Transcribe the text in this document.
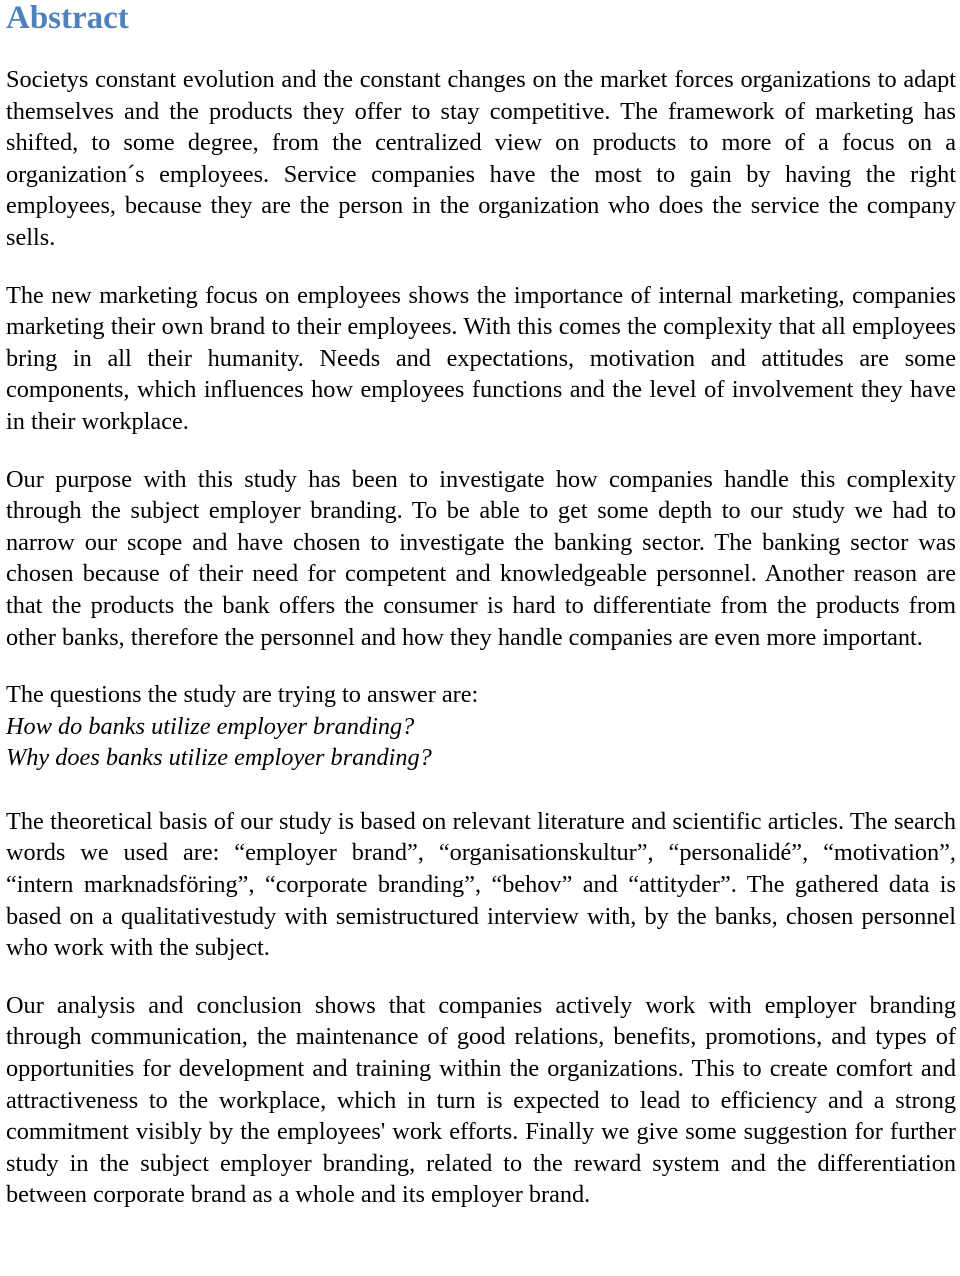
Abstract

Societys constant evolution and the constant changes on the market forces organizations to adapt themselves and the products they offer to stay competitive. The framework of marketing has shifted, to some degree, from the centralized view on products to more of a focus on a organization´s employees. Service companies have the most to gain by having the right employees, because they are the person in the organization who does the service the company sells.

The new marketing focus on employees shows the importance of internal marketing, companies marketing their own brand to their employees. With this comes the complexity that all employees bring in all their humanity. Needs and expectations, motivation and attitudes are some components, which influences how employees functions and the level of involvement they have in their workplace.

Our purpose with this study has been to investigate how companies handle this complexity through the subject employer branding. To be able to get some depth to our study we had to narrow our scope and have chosen to investigate the banking sector. The banking sector was chosen because of their need for competent and knowledgeable personnel. Another reason are that the products the bank offers the consumer is hard to differentiate from the products from other banks, therefore the personnel and how they handle companies are even more important.

The questions the study are trying to answer are:

How do banks utilize employer branding?

Why does banks utilize employer branding?

The theoretical basis of our study is based on relevant literature and scientific articles. The search words we used are: “employer brand”, “organisationskultur”, “personalidé”, “motivation”, “intern marknadsföring”, “corporate branding”, “behov” and “attityder”. The gathered data is based on a qualitativestudy with semistructured interview with, by the banks, chosen personnel who work with the subject.

Our analysis and conclusion shows that companies actively work with employer branding through communication, the maintenance of good relations, benefits, promotions, and types of opportunities for development and training within the organizations. This to create comfort and attractiveness to the workplace, which in turn is expected to lead to efficiency and a strong commitment visibly by the employees' work efforts. Finally we give some suggestion for further study in the subject employer branding, related to the reward system and the differentiation between corporate brand as a whole and its employer brand.
